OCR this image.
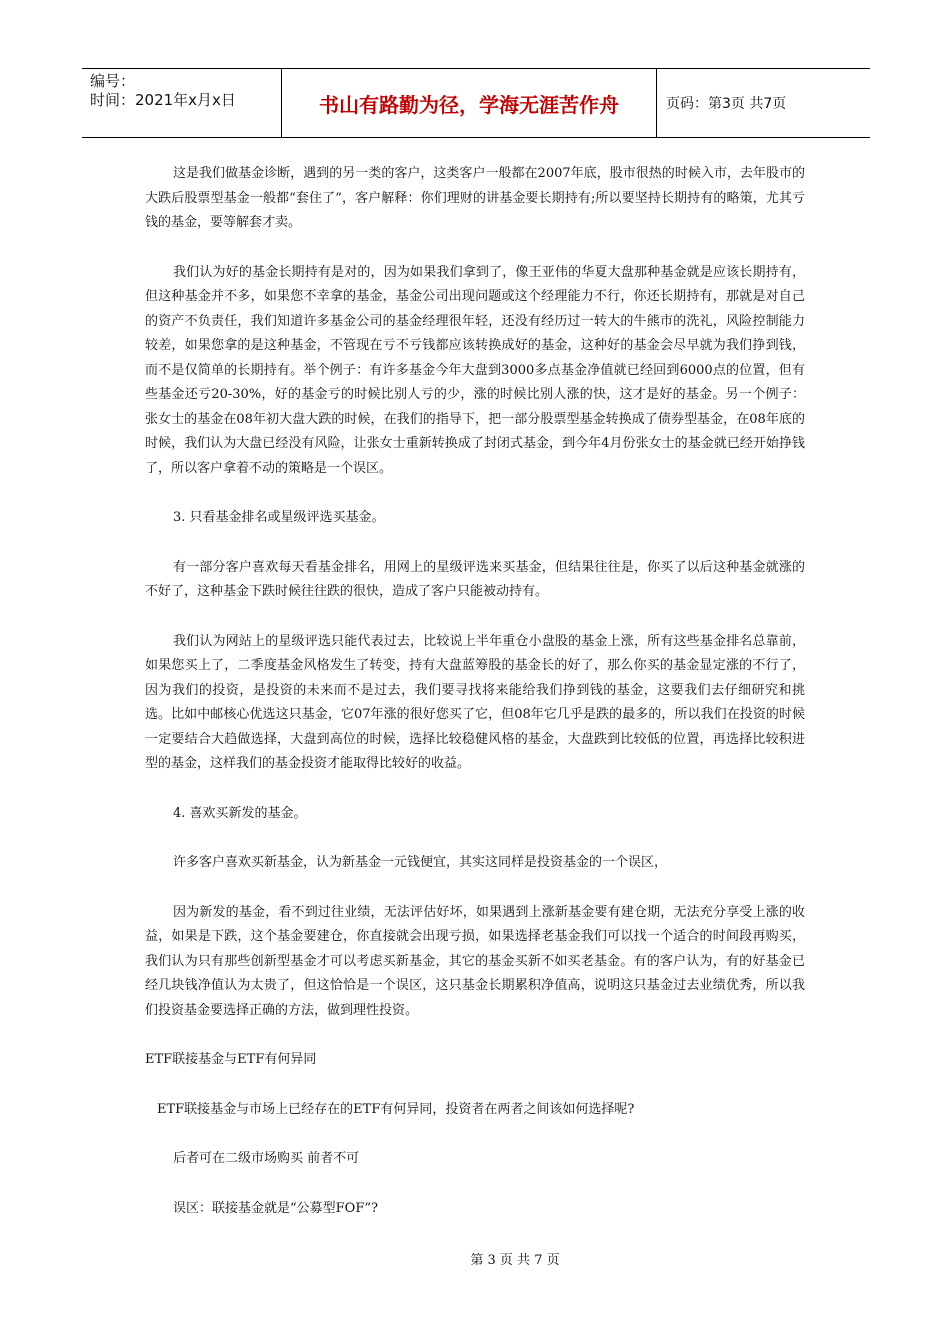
编号：
时间：2021年x月x日	书山有路勤为径，学海无涯苦作舟	页码：第3页 共7页

这是我们做基金诊断，遇到的另一类的客户，这类客户一般都在2007年底，股市很热的时候入市，去年股市的大跌后股票型基金一般都“套住了”，客户解释：你们理财的讲基金要长期持有;所以要坚持长期持有的略策，尤其亏钱的基金，要等解套才卖。

我们认为好的基金长期持有是对的，因为如果我们拿到了，像王亚伟的华夏大盘那种基金就是应该长期持有，但这种基金并不多，如果您不幸拿的基金，基金公司出现问题或这个经理能力不行，你还长期持有，那就是对自己的资产不负责任，我们知道许多基金公司的基金经理很年轻，还没有经历过一转大的牛熊市的洗礼，风险控制能力较差，如果您拿的是这种基金，不管现在亏不亏钱都应该转换成好的基金，这种好的基金会尽早就为我们挣到钱，而不是仅简单的长期持有。举个例子：有许多基金今年大盘到3000多点基金净值就已经回到6000点的位置，但有些基金还亏20-30%，好的基金亏的时候比别人亏的少，涨的时候比别人涨的快，这才是好的基金。另一个例子：张女士的基金在08年初大盘大跌的时候，在我们的指导下，把一部分股票型基金转换成了债券型基金，在08年底的时候，我们认为大盘已经没有风险，让张女士重新转换成了封闭式基金，到今年4月份张女士的基金就已经开始挣钱了，所以客户拿着不动的策略是一个误区。

3. 只看基金排名或星级评选买基金。

有一部分客户喜欢每天看基金排名，用网上的星级评选来买基金，但结果往往是，你买了以后这种基金就涨的不好了，这种基金下跌时候往往跌的很快，造成了客户只能被动持有。

我们认为网站上的星级评选只能代表过去，比较说上半年重仓小盘股的基金上涨，所有这些基金排名总靠前，如果您买上了，二季度基金风格发生了转变，持有大盘蓝筹股的基金长的好了，那么你买的基金显定涨的不行了，因为我们的投资，是投资的未来而不是过去，我们要寻找将来能给我们挣到钱的基金，这要我们去仔细研究和挑选。比如中邮核心优选这只基金，它07年涨的很好您买了它，但08年它几乎是跌的最多的，所以我们在投资的时候一定要结合大趋做选择，大盘到高位的时候，选择比较稳健风格的基金，大盘跌到比较低的位置，再选择比较积进型的基金，这样我们的基金投资才能取得比较好的收益。

4. 喜欢买新发的基金。

许多客户喜欢买新基金，认为新基金一元钱便宜，其实这同样是投资基金的一个误区，

因为新发的基金，看不到过往业绩，无法评估好坏，如果遇到上涨新基金要有建仓期，无法充分享受上涨的收益，如果是下跌，这个基金要建仓，你直接就会出现亏损，如果选择老基金我们可以找一个适合的时间段再购买，我们认为只有那些创新型基金才可以考虑买新基金，其它的基金买新不如买老基金。有的客户认为，有的好基金已经几块钱净值认为太贵了，但这恰恰是一个误区，这只基金长期累积净值高，说明这只基金过去业绩优秀，所以我们投资基金要选择正确的方法，做到理性投资。

ETF联接基金与ETF有何异同

ETF联接基金与市场上已经存在的ETF有何异同，投资者在两者之间该如何选择呢?

后者可在二级市场购买 前者不可

误区：联接基金就是“公募型FOF”?

第 3 页 共 7 页
